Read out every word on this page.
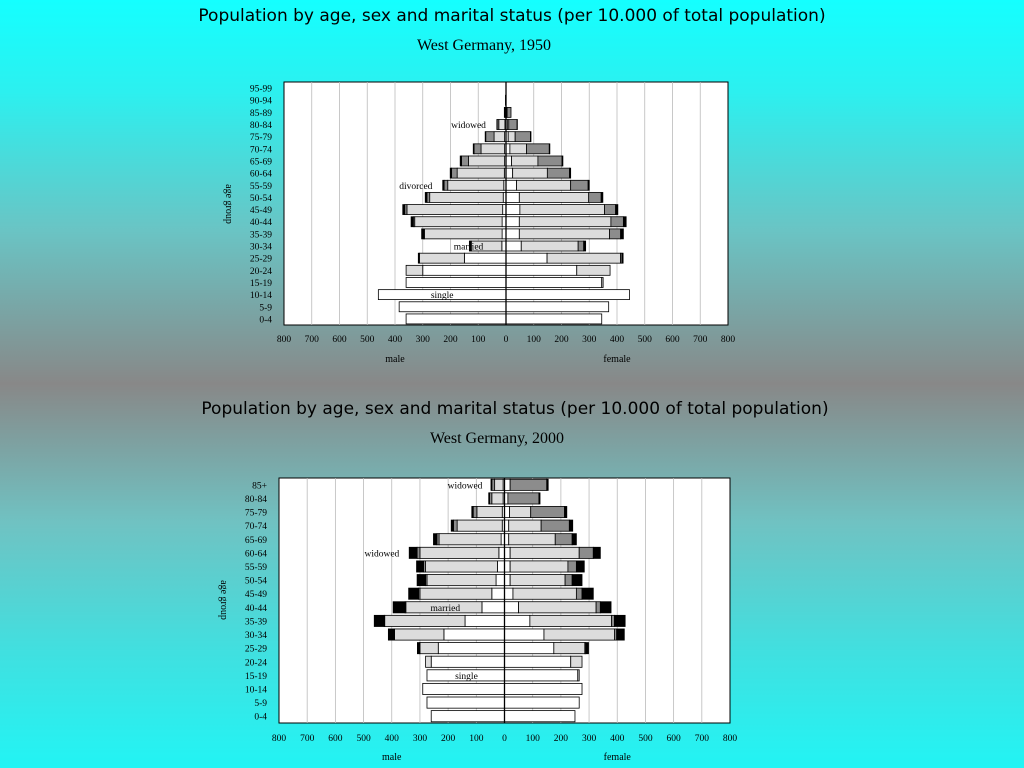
Population by age, sex and marital status (per 10.000 of total population)
West Germany, 1950
Population by age, sex and marital status (per 10.000 of total population)
West Germany, 2000
800 700 600 500 400 300 200 100 0 100 200 300 400 500 600 700 800
95-99
90-94
85-89
80-84
75-79
70-74
65-69
60-64
55-59
50-54
45-49
40-44
35-39
30-34
25-29
20-24
15-19
10-14
5-9
0-4
widowed
divorced
married
single
male	female
age group
800 700 600 500 400 300 200 100 0 100 200 300 400 500 600 700 800
85+
80-84
75-79
70-74
65-69
60-64
55-59
50-54
45-49
40-44
35-39
30-34
25-29
20-24
15-19
10-14
5-9
0-4
widowed
widowed
married
single
male	female
age group
